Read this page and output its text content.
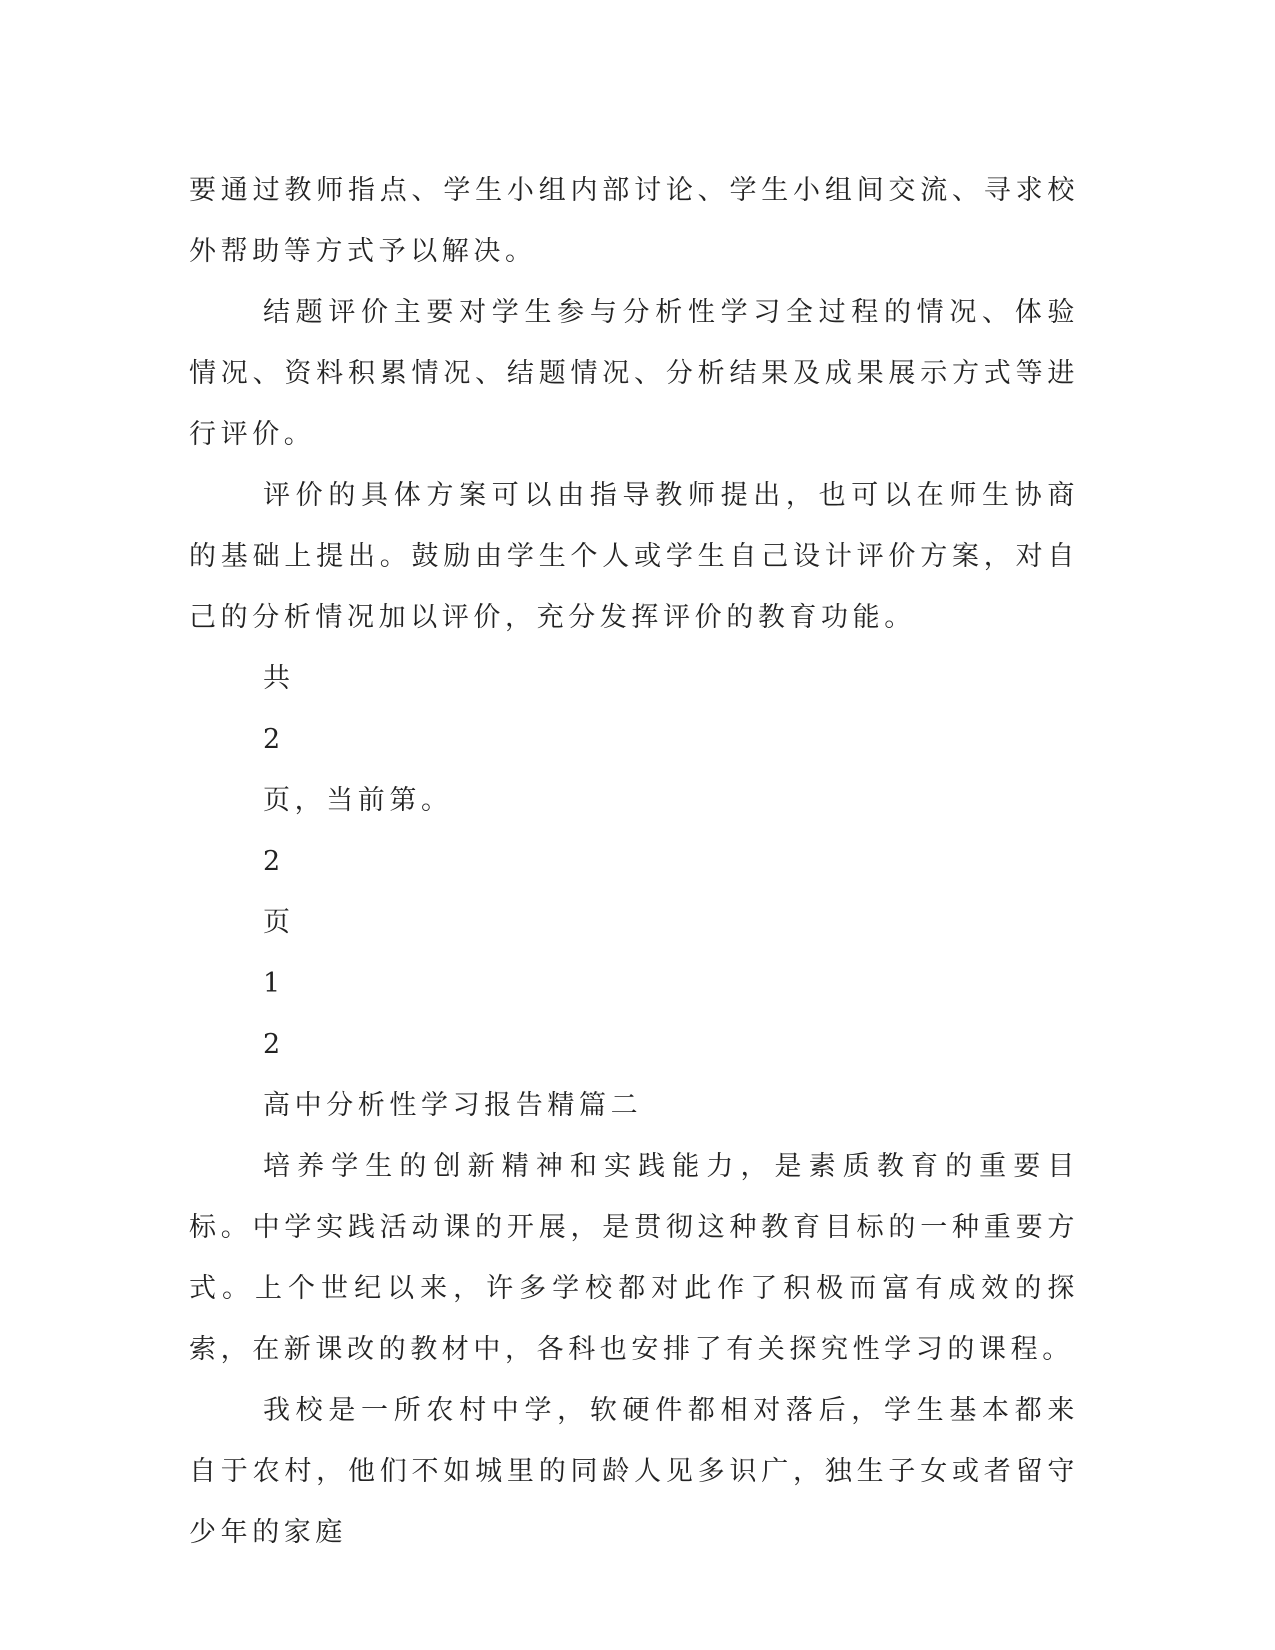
要通过教师指点、学生小组内部讨论、学生小组间交流、寻求校外帮助等方式予以解决。

结题评价主要对学生参与分析性学习全过程的情况、体验情况、资料积累情况、结题情况、分析结果及成果展示方式等进行评价。

评价的具体方案可以由指导教师提出，也可以在师生协商的基础上提出。鼓励由学生个人或学生自己设计评价方案，对自己的分析情况加以评价，充分发挥评价的教育功能。

共

2

页，当前第。

2

页

1

2

高中分析性学习报告精篇二

培养学生的创新精神和实践能力，是素质教育的重要目标。中学实践活动课的开展，是贯彻这种教育目标的一种重要方式。上个世纪以来，许多学校都对此作了积极而富有成效的探索，在新课改的教材中，各科也安排了有关探究性学习的课程。

我校是一所农村中学，软硬件都相对落后，学生基本都来自于农村，他们不如城里的同龄人见多识广，独生子女或者留守少年的家庭
